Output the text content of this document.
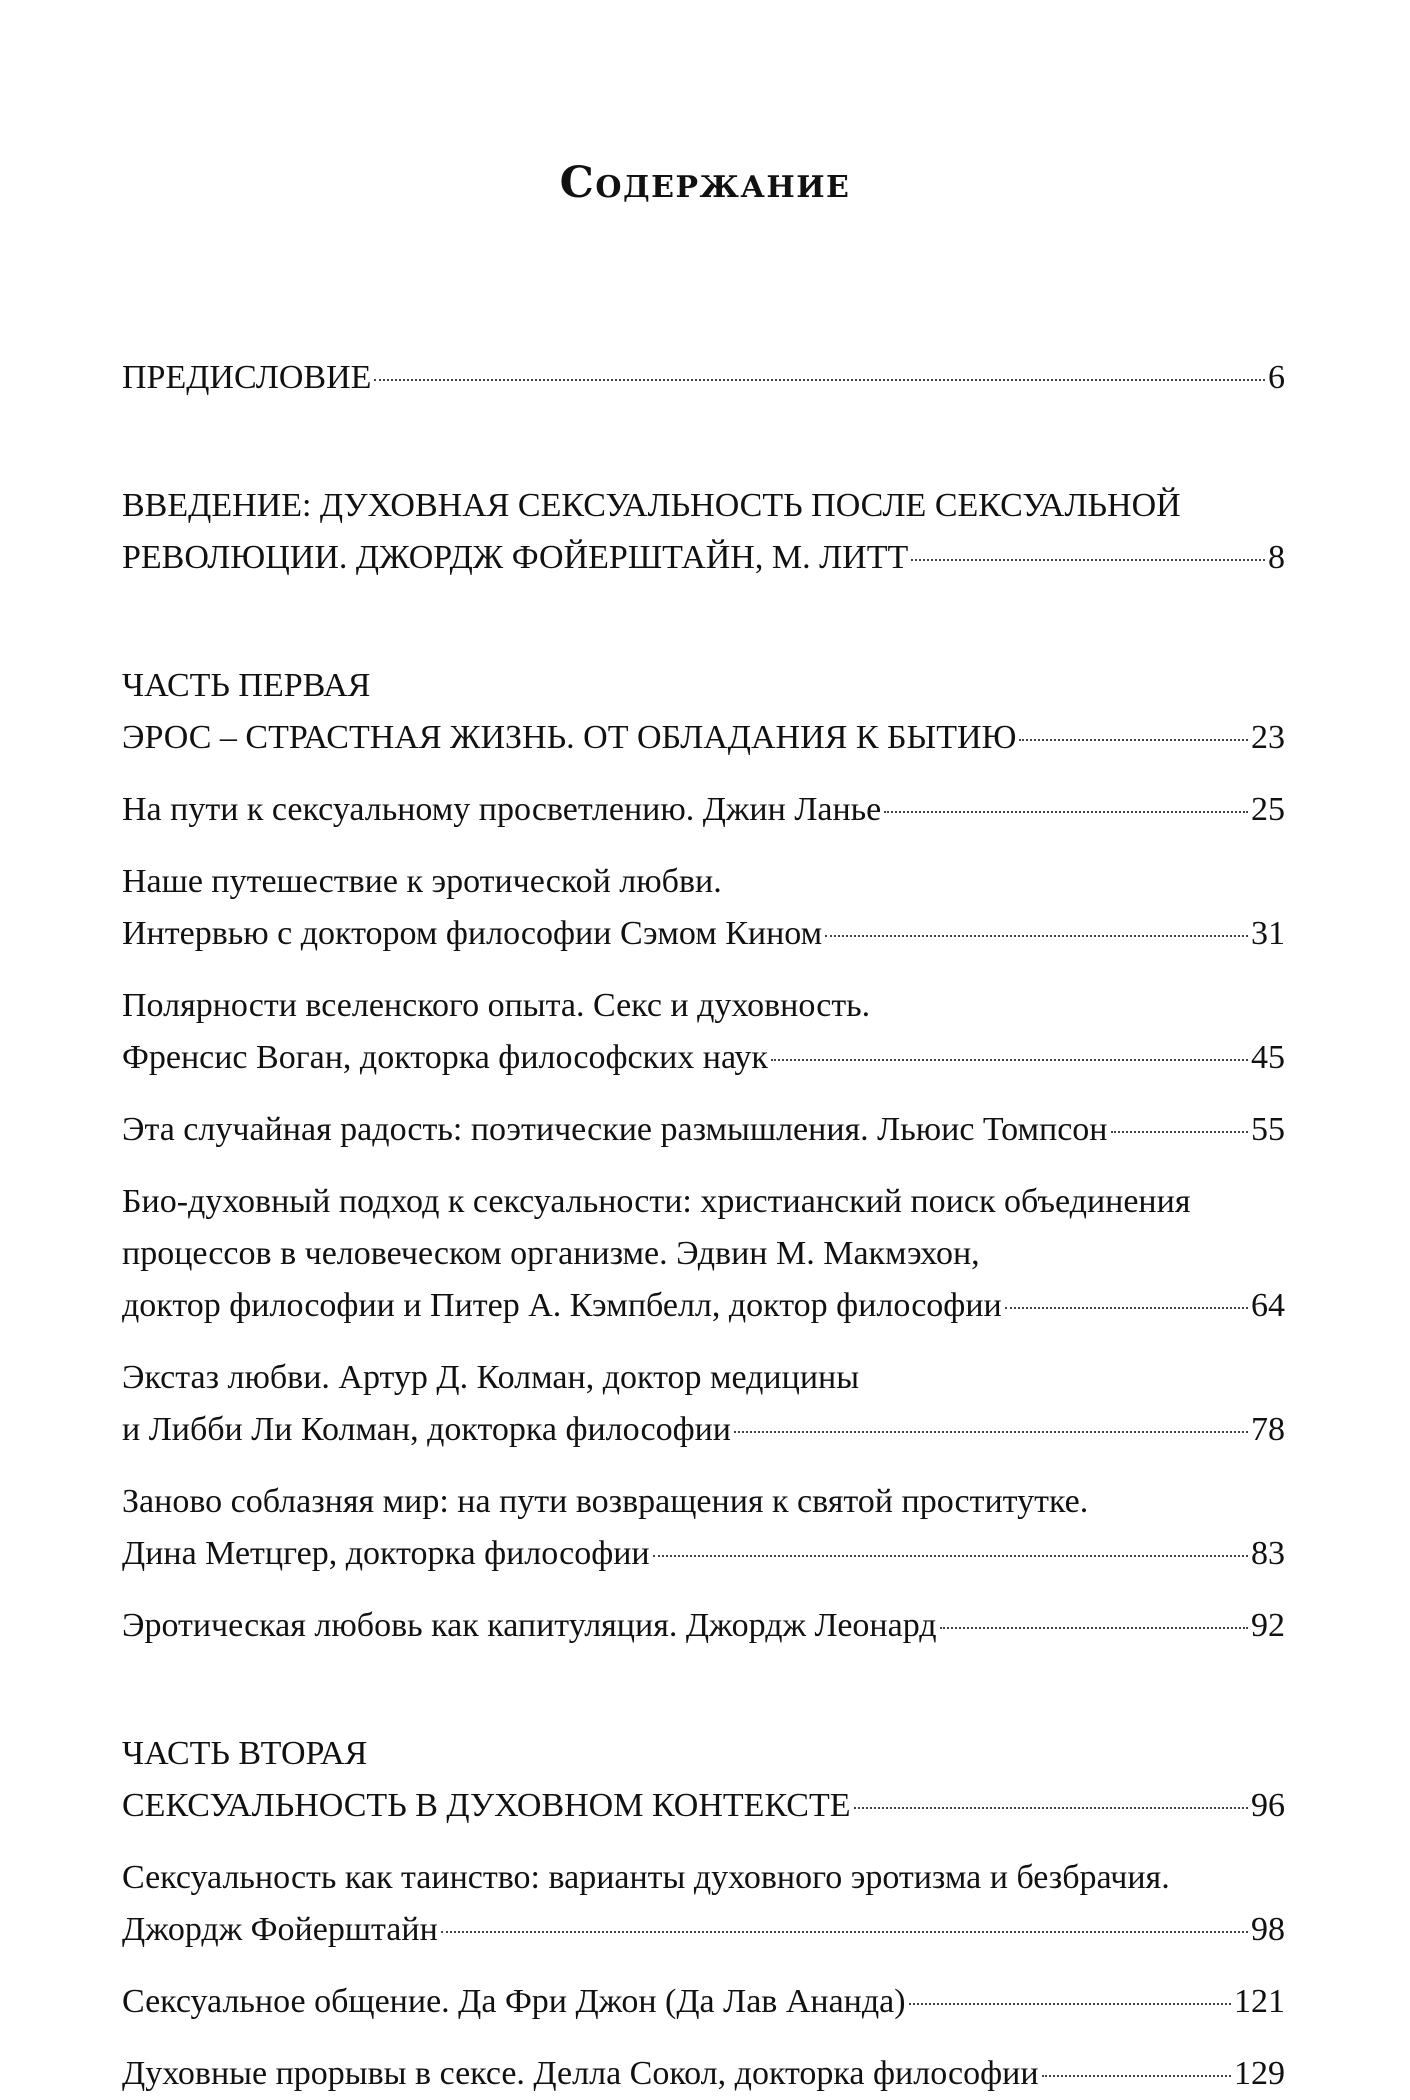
Содержание
ПРЕДИСЛОВИЕ	6
ВВЕДЕНИЕ: ДУХОВНАЯ СЕКСУАЛЬНОСТЬ ПОСЛЕ СЕКСУАЛЬНОЙ
РЕВОЛЮЦИИ. ДЖОРДЖ ФОЙЕРШТАЙН, М. ЛИТТ	8
ЧАСТЬ ПЕРВАЯ
ЭРОС – СТРАСТНАЯ ЖИЗНЬ. ОТ ОБЛАДАНИЯ К БЫТИЮ	23
На пути к сексуальному просветлению. Джин Ланье	25
Наше путешествие к эротической любви.
Интервью с доктором философии Сэмом Кином	31
Полярности вселенского опыта. Секс и духовность.
Френсис Воган, докторка философских наук	45
Эта случайная радость: поэтические размышления. Льюис Томпсон	55
Био-духовный подход к сексуальности: христианский поиск объединения
процессов в человеческом организме. Эдвин М. Макмэхон,
доктор философии и Питер А. Кэмпбелл, доктор философии	64
Экстаз любви. Артур Д. Колман, доктор медицины
и Либби Ли Колман, докторка философии	78
Заново соблазняя мир: на пути возвращения к святой проститутке.
Дина Метцгер, докторка философии	83
Эротическая любовь как капитуляция. Джордж Леонард	92
ЧАСТЬ ВТОРАЯ
СЕКСУАЛЬНОСТЬ В ДУХОВНОМ КОНТЕКСТЕ	96
Сексуальность как таинство: варианты духовного эротизма и безбрачия.
Джордж Фойерштайн	98
Сексуальное общение. Да Фри Джон (Да Лав Ананда)	121
Духовные прорывы в сексе. Делла Сокол, докторка философии	129
